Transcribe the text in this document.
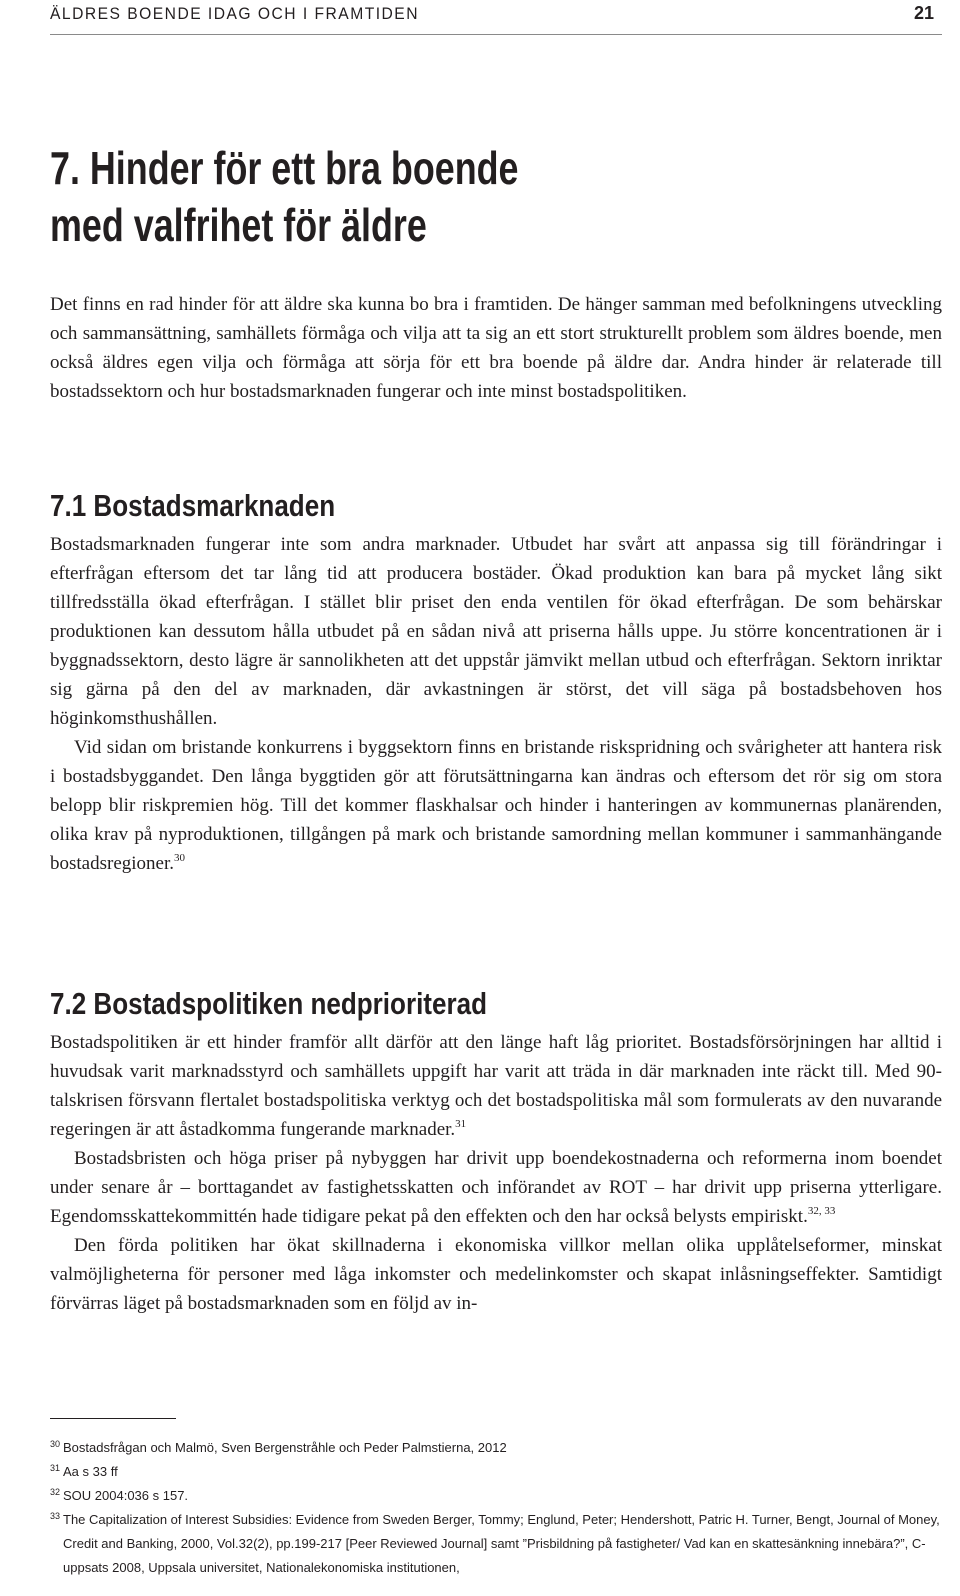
ÄLDRES BOENDE IDAG OCH I FRAMTIDEN	21
7. Hinder för ett bra boende
med valfrihet för äldre

Det finns en rad hinder för att äldre ska kunna bo bra i framtiden. De hänger samman med befolkningens utveckling och sammansättning, samhällets förmåga och vilja att ta sig an ett stort strukturellt problem som äldres boende, men också äldres egen vilja och förmåga att sörja för ett bra boende på äldre dar. Andra hinder är relaterade till bostadssektorn och hur bostadsmarknaden fungerar och inte minst bostadspolitiken.

7.1 Bostadsmarknaden

Bostadsmarknaden fungerar inte som andra marknader. Utbudet har svårt att anpassa sig till förändringar i efterfrågan eftersom det tar lång tid att producera bostäder. Ökad produktion kan bara på mycket lång sikt tillfredsställa ökad efterfrågan. I stället blir priset den enda ventilen för ökad efterfrågan. De som behärskar produktionen kan dessutom hålla utbudet på en sådan nivå att priserna hålls uppe. Ju större koncentrationen är i byggnadssektorn, desto lägre är sannolikheten att det uppstår jämvikt mellan utbud och efterfrågan. Sektorn inriktar sig gärna på den del av marknaden, där avkastningen är störst, det vill säga på bostadsbehoven hos höginkomsthushållen.

Vid sidan om bristande konkurrens i byggsektorn finns en bristande riskspridning och svårigheter att hantera risk i bostadsbyggandet. Den långa byggtiden gör att förutsättningarna kan ändras och eftersom det rör sig om stora belopp blir riskpremien hög. Till det kommer flaskhalsar och hinder i hanteringen av kommunernas planärenden, olika krav på nyproduktionen, tillgången på mark och bristande samordning mellan kommuner i sammanhängande bostadsregioner.$^{30}$

7.2 Bostadspolitiken nedprioriterad

Bostadspolitiken är ett hinder framför allt därför att den länge haft låg prioritet. Bostadsförsörjningen har alltid i huvudsak varit marknadsstyrd och samhällets uppgift har varit att träda in där marknaden inte räckt till. Med 90-talskrisen försvann flertalet bostadspolitiska verktyg och det bostadspolitiska mål som formulerats av den nuvarande regeringen är att åstadkomma fungerande marknader.$^{31}$

Bostadsbristen och höga priser på nybyggen har drivit upp boendekostnaderna och reformerna inom boendet under senare år – borttagandet av fastighetsskatten och införandet av ROT – har drivit upp priserna ytterligare. Egendomsskattekommittén hade tidigare pekat på den effekten och den har också belysts empiriskt.$^{32, 33}$

Den förda politiken har ökat skillnaderna i ekonomiska villkor mellan olika upplåtelseformer, minskat valmöjligheterna för personer med låga inkomster och medelinkomster och skapat inlåsningseffekter. Samtidigt förvärras läget på bostadsmarknaden som en följd av in-

30 Bostadsfrågan och Malmö, Sven Bergenstråhle och Peder Palmstierna, 2012
31 Aa s 33 ff
32 SOU 2004:036 s 157.
33 The Capitalization of Interest Subsidies: Evidence from Sweden Berger, Tommy; Englund, Peter; Hendershott, Patric H. Turner, Bengt, Journal of Money, Credit and Banking, 2000, Vol.32(2), pp.199-217 [Peer Reviewed Journal] samt ”Prisbildning på fastigheter/ Vad kan en skattesänkning innebära?”, C-uppsats 2008, Uppsala universitet, Nationalekonomiska institutionen,
